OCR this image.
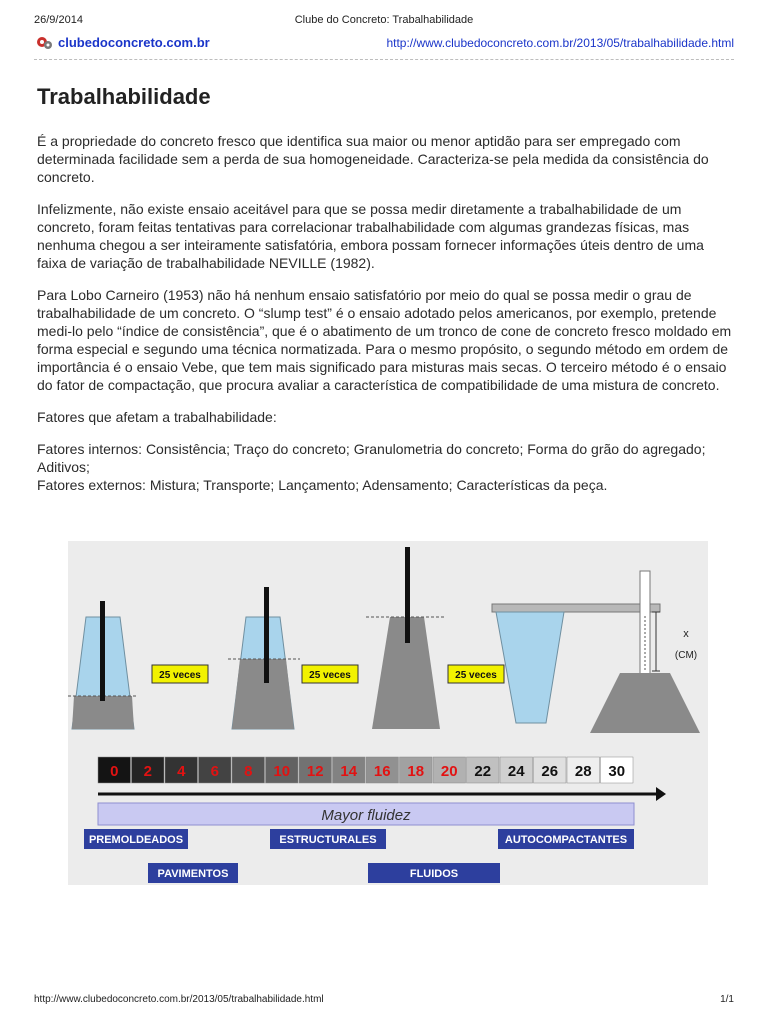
26/9/2014	Clube do Concreto: Trabalhabilidade
clubedoconcreto.com.br	http://www.clubedoconcreto.com.br/2013/05/trabalhabilidade.html
Trabalhabilidade

É a propriedade do concreto fresco que identifica sua maior ou menor aptidão para ser empregado com determinada facilidade sem a perda de sua homogeneidade. Caracteriza-se pela medida da consistência do concreto.

Infelizmente, não existe ensaio aceitável para que se possa medir diretamente a trabalhabilidade de um concreto, foram feitas tentativas para correlacionar trabalhabilidade com algumas grandezas físicas, mas nenhuma chegou a ser inteiramente satisfatória, embora possam fornecer informações úteis dentro de uma faixa de variação de trabalhabilidade NEVILLE (1982).

Para Lobo Carneiro (1953) não há nenhum ensaio satisfatório por meio do qual se possa medir o grau de trabalhabilidade de um concreto. O “slump test” é o ensaio adotado pelos americanos, por exemplo, pretende medi-lo pelo “índice de consistência”, que é o abatimento de um tronco de cone de concreto fresco moldado em forma especial e segundo uma técnica normatizada. Para o mesmo propósito, o segundo método em ordem de importância é o ensaio Vebe, que tem mais significado para misturas mais secas. O terceiro método é o ensaio do fator de compactação, que procura avaliar a característica de compatibilidade de uma mistura de concreto.

Fatores que afetam a trabalhabilidade:

Fatores internos: Consistência; Traço do concreto; Granulometria do concreto; Forma do grão do agregado; Aditivos;

Fatores externos: Mistura; Transporte; Lançamento; Adensamento; Características da peça.

25 veces	25 veces	25 veces
x
(CM)
0 2 4 6 8 10 12 14 16 18 20 22 24 26 28 30
Mayor fluidez
PREMOLDEADOS	ESTRUCTURALES	AUTOCOMPACTANTES
PAVIMENTOS	FLUIDOS
http://www.clubedoconcreto.com.br/2013/05/trabalhabilidade.html	1/1
